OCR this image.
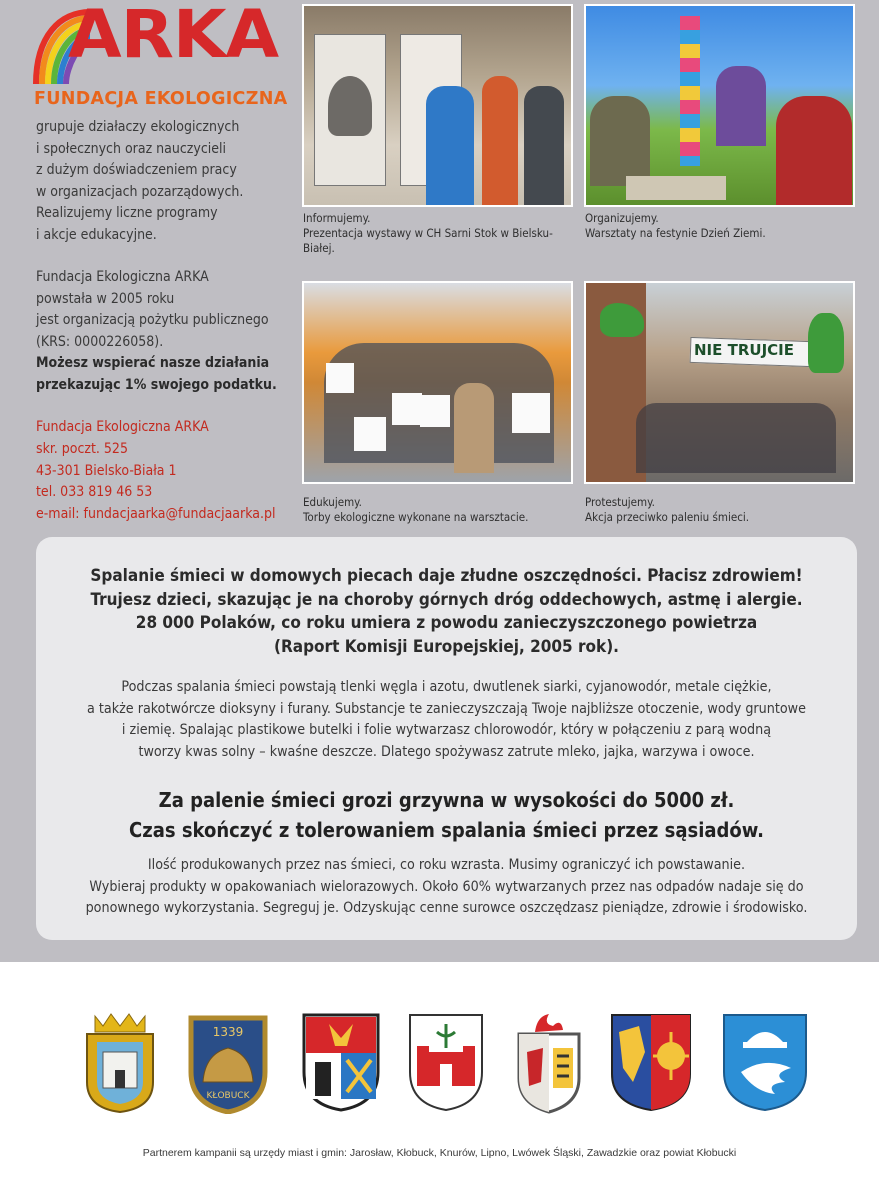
ARKA
FUNDACJA EKOLOGICZNA
grupuje działaczy ekologicznych
i społecznych oraz nauczycieli
z dużym doświadczeniem pracy
w organizacjach pozarządowych.
Realizujemy liczne programy
i akcje edukacyjne.
Fundacja Ekologiczna ARKA
powstała w 2005 roku
jest organizacją pożytku publicznego
(KRS: 0000226058).
Możesz wspierać nasze działania
przekazując 1% swojego podatku.
Fundacja Ekologiczna ARKA
skr. poczt. 525
43-301 Bielsko-Biała 1
tel. 033 819 46 53
e-mail: fundacjaarka@fundacjaarka.pl
NIE TRUJCIE
Informujemy.
Prezentacja wystawy w CH Sarni Stok w Bielsku-
Białej.
Organizujemy.
Warsztaty na festynie Dzień Ziemi.
Edukujemy.
Torby ekologiczne wykonane na warsztacie.
Protestujemy.
Akcja przeciwko paleniu śmieci.

Spalanie śmieci w domowych piecach daje złudne oszczędności. Płacisz zdrowiem!
Trujesz dzieci, skazując je na choroby górnych dróg oddechowych, astmę i alergie.
28 000 Polaków, co roku umiera z powodu zanieczyszczonego powietrza
(Raport Komisji Europejskiej, 2005 rok).

Podczas spalania śmieci powstają tlenki węgla i azotu, dwutlenek siarki, cyjanowodór, metale ciężkie,
a także rakotwórcze dioksyny i furany. Substancje te zanieczyszczają Twoje najbliższe otoczenie, wody gruntowe
i ziemię. Spalając plastikowe butelki i folie wytwarzasz chlorowodór, który w połączeniu z parą wodną
tworzy kwas solny – kwaśne deszcze. Dlatego spożywasz zatrute mleko, jajka, warzywa i owoce.

Za palenie śmieci grozi grzywna w wysokości do 5000 zł.
Czas skończyć z tolerowaniem spalania śmieci przez sąsiadów.

Ilość produkowanych przez nas śmieci, co roku wzrasta. Musimy ograniczyć ich powstawanie.
Wybieraj produkty w opakowaniach wielorazowych. Około 60% wytwarzanych przez nas odpadów nadaje się do
ponownego wykorzystania. Segreguj je. Odzyskując cenne surowce oszczędzasz pieniądze, zdrowie i środowisko.

1339
KŁOBUCK
Partnerem kampanii są urzędy miast i gmin: Jarosław, Kłobuck, Knurów, Lipno, Lwówek Śląski, Zawadzkie oraz powiat Kłobucki
